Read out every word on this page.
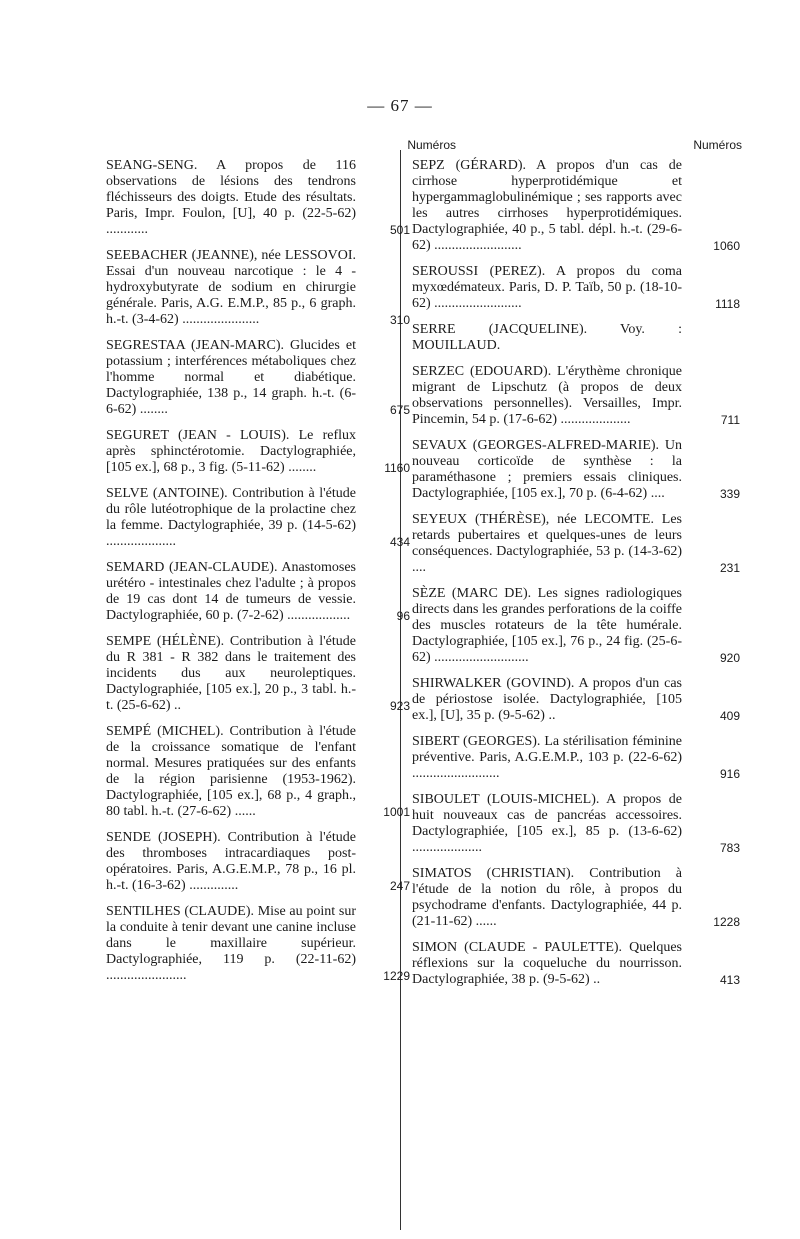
— 67 —
Numéros
SEANG-SENG. A propos de 116 observations de lésions des tendrons fléchisseurs des doigts. Etude des résultats. Paris, Impr. Foulon, [U], 40 p. (22-5-62) ............	501
SEEBACHER (JEANNE), née LESSOVOI. Essai d'un nouveau narcotique : le 4 - hydroxybutyrate de sodium en chirurgie générale. Paris, A.G. E.M.P., 85 p., 6 graph. h.-t. (3-4-62) ......................	310
SEGRESTAA (JEAN-MARC). Glucides et potassium ; interférences métaboliques chez l'homme normal et diabétique. Dactylographiée, 138 p., 14 graph. h.-t. (6-6-62) ........	675
SEGURET (JEAN - LOUIS). Le reflux après sphinctérotomie. Dactylographiée, [105 ex.], 68 p., 3 fig. (5-11-62) ........	1160
SELVE (ANTOINE). Contribution à l'étude du rôle lutéotrophique de la prolactine chez la femme. Dactylographiée, 39 p. (14-5-62) ....................	434
SEMARD (JEAN-CLAUDE). Anastomoses urétéro - intestinales chez l'adulte ; à propos de 19 cas dont 14 de tumeurs de vessie. Dactylographiée, 60 p. (7-2-62) ..................	96
SEMPE (HÉLÈNE). Contribution à l'étude du R 381 - R 382 dans le traitement des incidents dus aux neuroleptiques. Dactylographiée, [105 ex.], 20 p., 3 tabl. h.-t. (25-6-62) ..	923
SEMPÉ (MICHEL). Contribution à l'étude de la croissance somatique de l'enfant normal. Mesures pratiquées sur des enfants de la région parisienne (1953-1962). Dactylographiée, [105 ex.], 68 p., 4 graph., 80 tabl. h.-t. (27-6-62) ......	1001
SENDE (JOSEPH). Contribution à l'étude des thromboses intracardiaques post-opératoires. Paris, A.G.E.M.P., 78 p., 16 pl. h.-t. (16-3-62) ..............	247
SENTILHES (CLAUDE). Mise au point sur la conduite à tenir devant une canine incluse dans le maxillaire supérieur. Dactylographiée, 119 p. (22-11-62) .......................	1229
Numéros
SEPZ (GÉRARD). A propos d'un cas de cirrhose hyperprotidémique et hypergammaglobulinémique ; ses rapports avec les autres cirrhoses hyperprotidémiques. Dactylographiée, 40 p., 5 tabl. dépl. h.-t. (29-6-62) .........................	1060
SEROUSSI (PEREZ). A propos du coma myxœdémateux. Paris, D. P. Taïb, 50 p. (18-10-62) .........................	1118
SERRE (JACQUELINE). Voy. : MOUILLAUD.
SERZEC (EDOUARD). L'érythème chronique migrant de Lipschutz (à propos de deux observations personnelles). Versailles, Impr. Pincemin, 54 p. (17-6-62) ....................	711
SEVAUX (GEORGES-ALFRED-MARIE). Un nouveau corticoïde de synthèse : la paraméthasone ; premiers essais cliniques. Dactylographiée, [105 ex.], 70 p. (6-4-62) ....	339
SEYEUX (THÉRÈSE), née LECOMTE. Les retards pubertaires et quelques-unes de leurs conséquences. Dactylographiée, 53 p. (14-3-62) ....	231
SÈZE (MARC DE). Les signes radiologiques directs dans les grandes perforations de la coiffe des muscles rotateurs de la tête humérale. Dactylographiée, [105 ex.], 76 p., 24 fig. (25-6-62) ...........................	920
SHIRWALKER (GOVIND). A propos d'un cas de périostose isolée. Dactylographiée, [105 ex.], [U], 35 p. (9-5-62) ..	409
SIBERT (GEORGES). La stérilisation féminine préventive. Paris, A.G.E.M.P., 103 p. (22-6-62) .........................	916
SIBOULET (LOUIS-MICHEL). A propos de huit nouveaux cas de pancréas accessoires. Dactylographiée, [105 ex.], 85 p. (13-6-62) ....................	783
SIMATOS (CHRISTIAN). Contribution à l'étude de la notion du rôle, à propos du psychodrame d'enfants. Dactylographiée, 44 p. (21-11-62) ......	1228
SIMON (CLAUDE - PAULETTE). Quelques réflexions sur la coqueluche du nourrisson. Dactylographiée, 38 p. (9-5-62) ..	413
